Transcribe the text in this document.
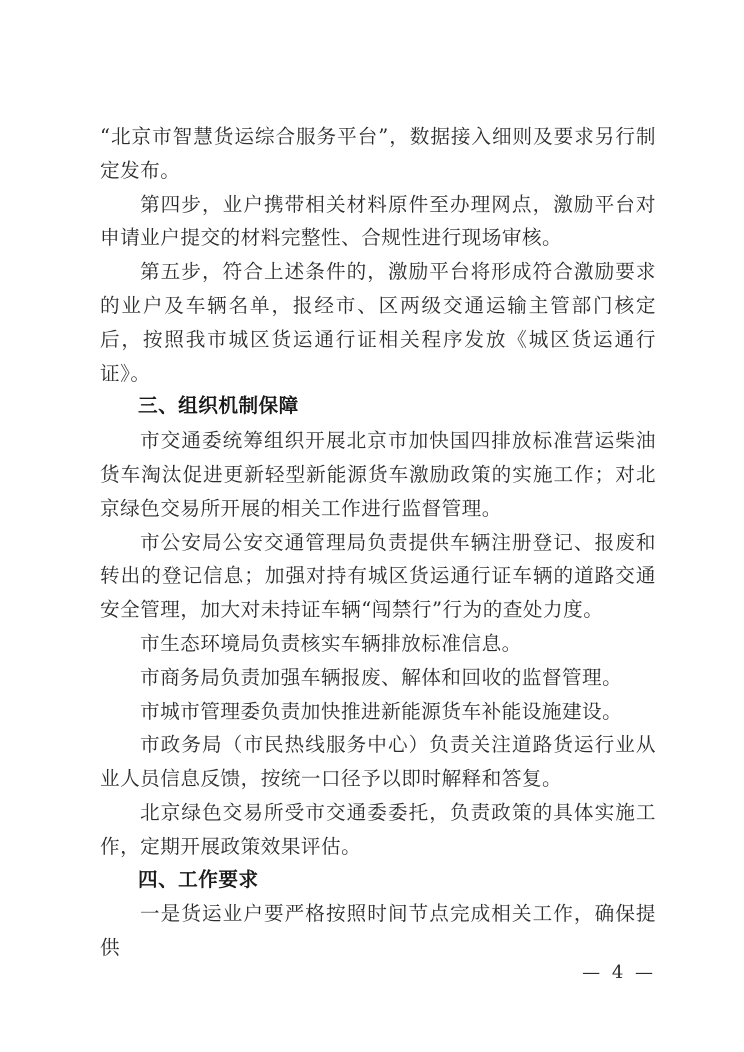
“北京市智慧货运综合服务平台”，数据接入细则及要求另行制定发布。

第四步，业户携带相关材料原件至办理网点，激励平台对申请业户提交的材料完整性、合规性进行现场审核。

第五步，符合上述条件的，激励平台将形成符合激励要求的业户及车辆名单，报经市、区两级交通运输主管部门核定后，按照我市城区货运通行证相关程序发放《城区货运通行证》。

三、组织机制保障

市交通委统筹组织开展北京市加快国四排放标准营运柴油货车淘汰促进更新轻型新能源货车激励政策的实施工作；对北京绿色交易所开展的相关工作进行监督管理。

市公安局公安交通管理局负责提供车辆注册登记、报废和转出的登记信息；加强对持有城区货运通行证车辆的道路交通安全管理，加大对未持证车辆“闯禁行”行为的查处力度。

市生态环境局负责核实车辆排放标准信息。

市商务局负责加强车辆报废、解体和回收的监督管理。

市城市管理委负责加快推进新能源货车补能设施建设。

市政务局（市民热线服务中心）负责关注道路货运行业从业人员信息反馈，按统一口径予以即时解释和答复。

北京绿色交易所受市交通委委托，负责政策的具体实施工作，定期开展政策效果评估。

四、工作要求

一是货运业户要严格按照时间节点完成相关工作，确保提供

— 4 —
